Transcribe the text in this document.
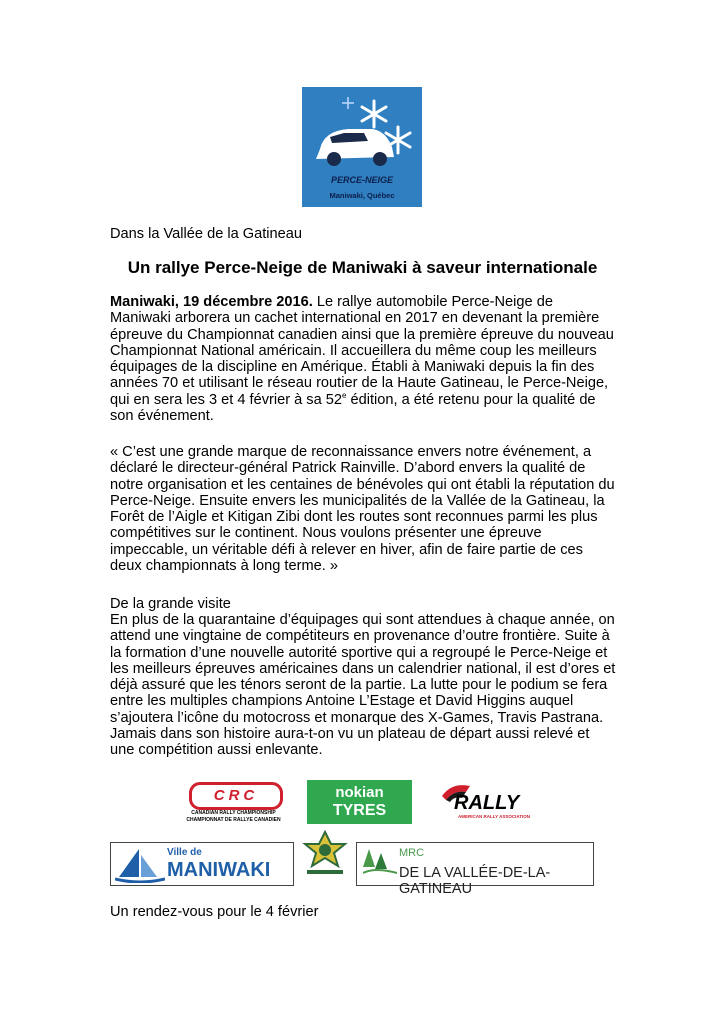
PERCE-NEIGE
Maniwaki, Québec
Dans la Vallée de la Gatineau
Un rallye Perce-Neige de Maniwaki à saveur internationale

Maniwaki, 19 décembre 2016. Le rallye automobile Perce-Neige de Maniwaki arborera un cachet international en 2017 en devenant la première épreuve du Championnat canadien ainsi que la première épreuve du nouveau Championnat National américain. Il accueillera du même coup les meilleurs équipages de la discipline en Amérique. Établi à Maniwaki depuis la fin des années 70 et utilisant le réseau routier de la Haute Gatineau, le Perce-Neige, qui en sera les 3 et 4 février à sa 52e édition, a été retenu pour la qualité de son événement.

« C’est une grande marque de reconnaissance envers notre événement, a déclaré le directeur-général Patrick Rainville. D’abord envers la qualité de notre organisation et les centaines de bénévoles qui ont établi la réputation du Perce-Neige. Ensuite envers les municipalités de la Vallée de la Gatineau, la Forêt de l’Aigle et Kitigan Zibi dont les routes sont reconnues parmi les plus compétitives sur le continent. Nous voulons présenter une épreuve impeccable, un véritable défi à relever en hiver, afin de faire partie de ces deux championnats à long terme. »

De la grande visite

En plus de la quarantaine d’équipages qui sont attendues à chaque année, on attend une vingtaine de compétiteurs en provenance d’outre frontière. Suite à la formation d’une nouvelle autorité sportive qui a regroupé le Perce-Neige et les meilleurs épreuves américaines dans un calendrier national, il est d’ores et déjà assuré que les ténors seront de la partie. La lutte pour le podium se fera entre les multiples champions Antoine L’Estage et David Higgins auquel s’ajoutera l’icône du motocross et monarque des X-Games, Travis Pastrana. Jamais dans son histoire aura-t-on vu un plateau de départ aussi relevé et une compétition aussi enlevante.

CRC
CANADIAN RALLY CHAMPIONSHIP
CHAMPIONNAT DE RALLYE CANADIEN
nokian
TYRES	RALLY
AMERICAN RALLY ASSOCIATION
Ville de
MANIWAKI
MRC
DE LA VALLÉE-DE-LA-GATINEAU
Un rendez-vous pour le 4 février
